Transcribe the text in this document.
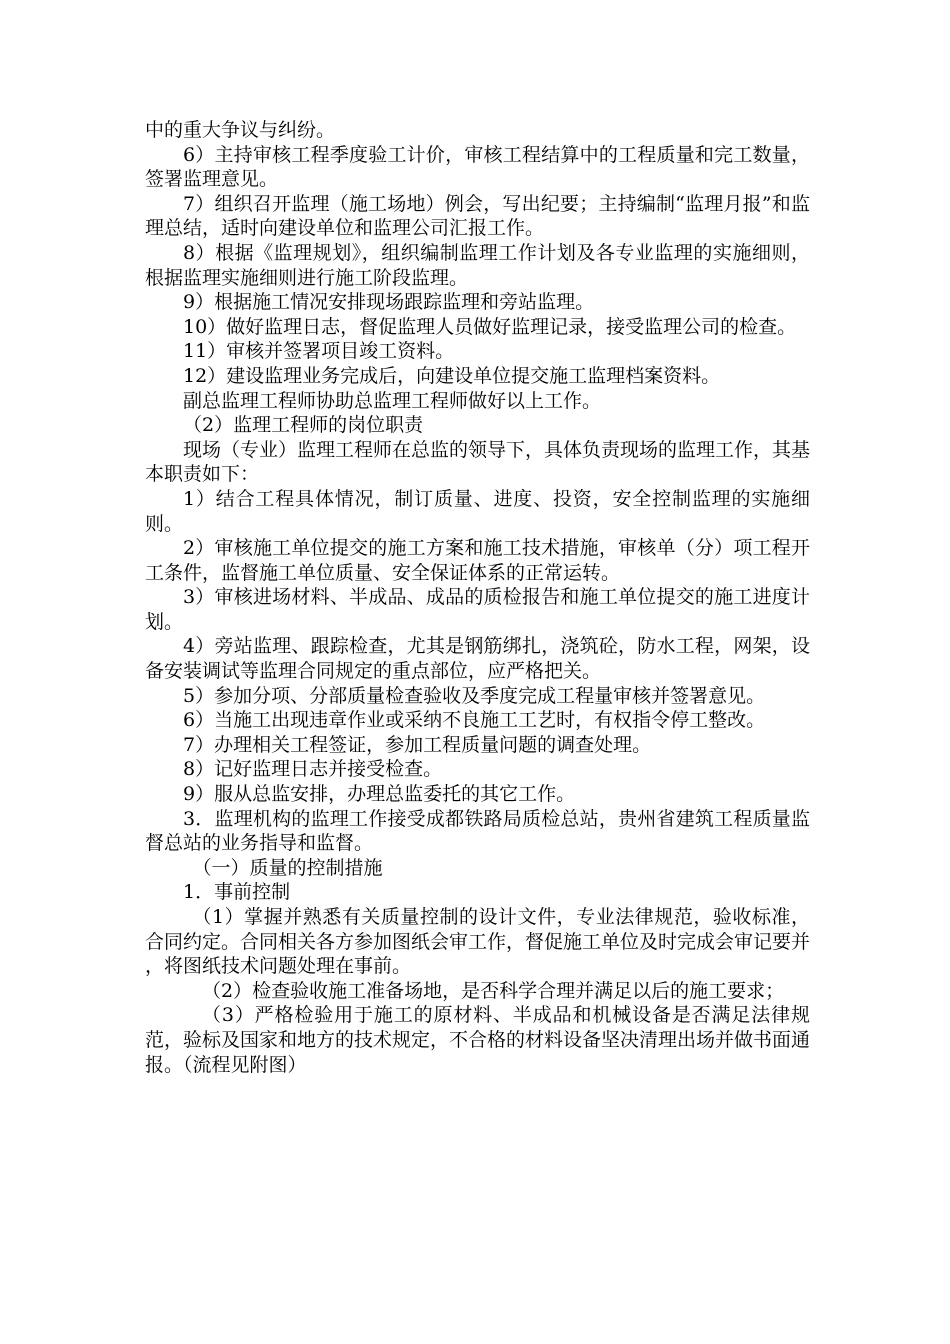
中的重大争议与纠纷。

6）主持审核工程季度验工计价，审核工程结算中的工程质量和完工数量，签署监理意见。

7）组织召开监理（施工场地）例会，写出纪要；主持编制“监理月报”和监理总结，适时向建设单位和监理公司汇报工作。

8）根据《监理规划》，组织编制监理工作计划及各专业监理的实施细则，根据监理实施细则进行施工阶段监理。

9）根据施工情况安排现场跟踪监理和旁站监理。

10）做好监理日志，督促监理人员做好监理记录，接受监理公司的检查。

11）审核并签署项目竣工资料。

12）建设监理业务完成后，向建设单位提交施工监理档案资料。

副总监理工程师协助总监理工程师做好以上工作。

（2）监理工程师的岗位职责

现场（专业）监理工程师在总监的领导下，具体负责现场的监理工作，其基本职责如下：

1）结合工程具体情况，制订质量、进度、投资，安全控制监理的实施细则。

2）审核施工单位提交的施工方案和施工技术措施，审核单（分）项工程开工条件，监督施工单位质量、安全保证体系的正常运转。

3）审核进场材料、半成品、成品的质检报告和施工单位提交的施工进度计划。

4）旁站监理、跟踪检查，尤其是钢筋绑扎，浇筑砼，防水工程，网架，设备安装调试等监理合同规定的重点部位，应严格把关。

5）参加分项、分部质量检查验收及季度完成工程量审核并签署意见。

6）当施工出现违章作业或采纳不良施工工艺时，有权指令停工整改。

7）办理相关工程签证，参加工程质量问题的调查处理。

8）记好监理日志并接受检查。

9）服从总监安排，办理总监委托的其它工作。

3．监理机构的监理工作接受成都铁路局质检总站，贵州省建筑工程质量监督总站的业务指导和监督。

（一）质量的控制措施

1．事前控制

（1）掌握并熟悉有关质量控制的设计文件，专业法律规范，验收标准，合同约定。合同相关各方参加图纸会审工作，督促施工单位及时完成会审记要并 ，将图纸技术问题处理在事前。

（2）检查验收施工准备场地，是否科学合理并满足以后的施工要求；

（3）严格检验用于施工的原材料、半成品和机械设备是否满足法律规范，验标及国家和地方的技术规定，不合格的材料设备坚决清理出场并做书面通报。（流程见附图）
